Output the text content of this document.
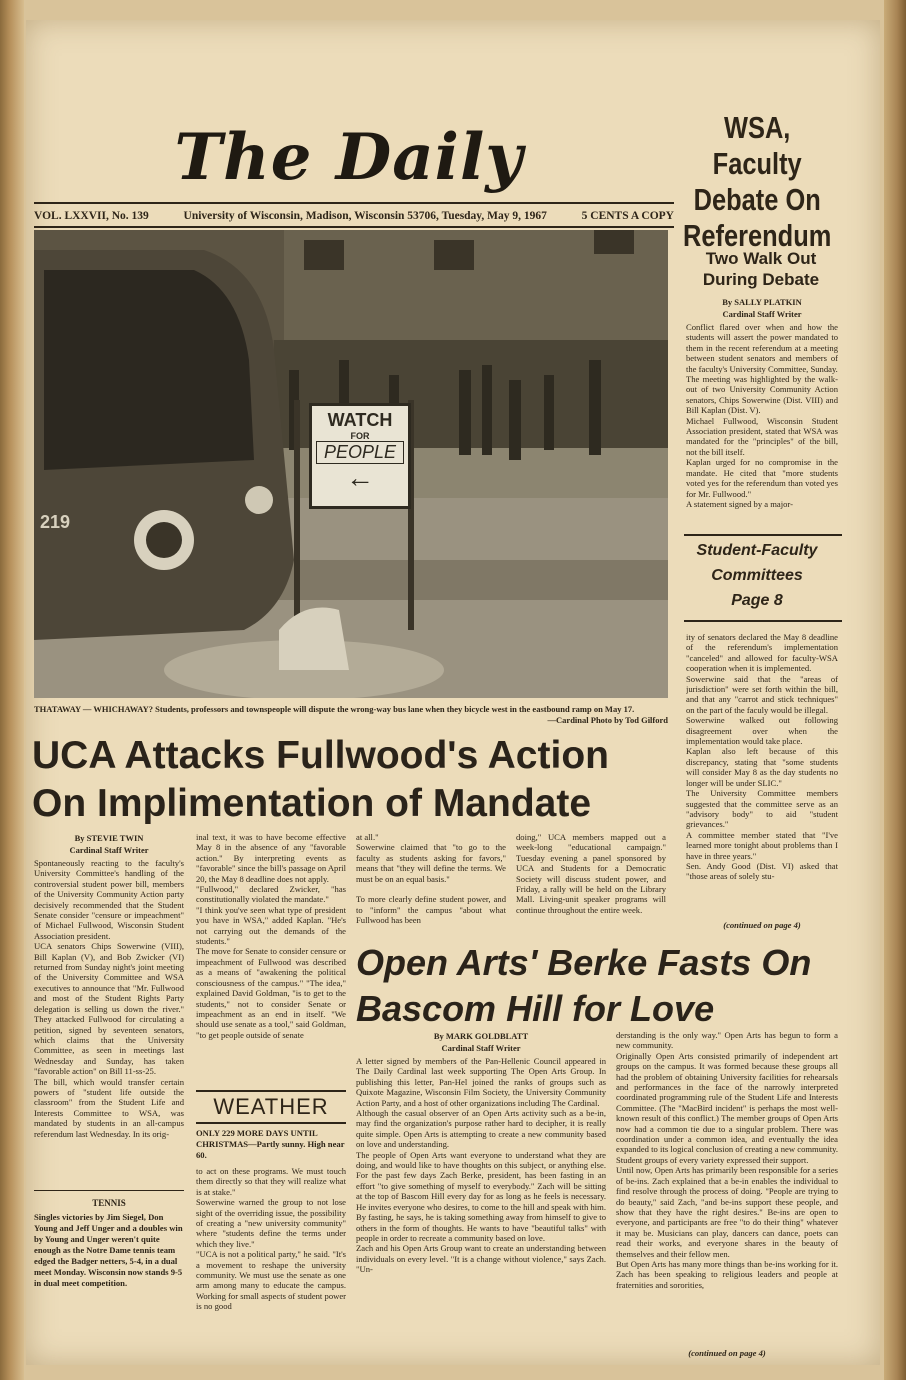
The Daily
VOL. LXXVII, No. 139	University of Wisconsin, Madison, Wisconsin 53706, Tuesday, May 9, 1967	5 CENTS A COPY
WSA, Faculty Debate On Referendum
Two Walk Out During Debate
By SALLY PLATKIN
Cardinal Staff Writer
Conflict flared over when and how the students will assert the power mandated to them in the recent referendum at a meeting between student senators and members of the faculty's University Committee, Sunday.
The meeting was highlighted by the walk-out of two University Community Action senators, Chips Sowerwine (Dist. VIII) and Bill Kaplan (Dist. V).
Michael Fullwood, Wisconsin Student Association president, stated that WSA was mandated for the "principles" of the bill, not the bill itself.
Kaplan urged for no compromise in the mandate. He cited that "more students voted yes for the referendum than voted yes for Mr. Fullwood."
A statement signed by a major-
Student-Faculty
Committees
Page 8
ity of senators declared the May 8 deadline of the referendum's implementation "canceled" and allowed for faculty-WSA cooperation when it is implemented.
Sowerwine said that the "areas of jurisdiction" were set forth within the bill, and that any "carrot and stick techniques" on the part of the faculy would be illegal.
Sowerwine walked out following disagreement over when the implementation would take place.
Kaplan also left because of this discrepancy, stating that "some students will consider May 8 as the day students no longer will be under SLIC."
The University Committee members suggested that the committee serve as an "advisory body" to aid "student grievances."
A committee member stated that "I've learned more tonight about problems than I have in three years."
Sen. Andy Good (Dist. VI) asked that "those areas of solely stu-
(continued on page 4)
WATCH
FOR
PEOPLE
←
219
THATAWAY — WHICHAWAY? Students, professors and townspeople will dispute the wrong-way bus lane when they bicycle west in the eastbound ramp on May 17.
—Cardinal Photo by Tod Gilford
UCA Attacks Fullwood's Action On Implimentation of Mandate
By STEVIE TWIN
Cardinal Staff Writer
Spontaneously reacting to the faculty's University Committee's handling of the controversial student power bill, members of the University Community Action party decisively recommended that the Student Senate consider "censure or impeachment" of Michael Fullwood, Wisconsin Student Association president.
UCA senators Chips Sowerwine (VIII), Bill Kaplan (V), and Bob Zwicker (VI) returned from Sunday night's joint meeting of the University Committee and WSA executives to announce that "Mr. Fullwood and most of the Student Rights Party delegation is selling us down the river." They attacked Fullwood for circulating a petition, signed by seventeen senators, which claims that the University Committee, as seen in meetings last Wednesday and Sunday, has taken "favorable action" on Bill 11-ss-25.
The bill, which would transfer certain powers of "student life outside the classroom" from the Student Life and Interests Committee to WSA, was mandated by students in an all-campus referendum last Wednesday. In its orig-
inal text, it was to have become effective May 8 in the absence of any "favorable action." By interpreting events as "favorable" since the bill's passage on April 20, the May 8 deadline does not apply.
"Fullwood," declared Zwicker, "has constitutionally violated the mandate."
"I think you've seen what type of president you have in WSA," added Kaplan. "He's not carrying out the demands of the students."
The move for Senate to consider censure or impeachment of Fullwood was described as a means of "awakening the political consciousness of the campus." "The idea," explained David Goldman, "is to get to the students," not to consider Senate or impeachment as an end in itself. "We should use senate as a tool," said Goldman, "to get people outside of senate
at all."
Sowerwine claimed that "to go to the faculty as students asking for favors," means that "they will define the terms. We must be on an equal basis."

To more clearly define student power, and to "inform" the campus "about what Fullwood has been
doing," UCA members mapped out a week-long "educational campaign." Tuesday evening a panel sponsored by UCA and Students for a Democratic Society will discuss student power, and Friday, a rally will be held on the Library Mall. Living-unit speaker programs will continue throughout the entire week.
WEATHER
ONLY 229 MORE DAYS UNTIL CHRISTMAS—Partly sunny. High near 60.
to act on these programs. We must touch them directly so that they will realize what is at stake."
Sowerwine warned the group to not lose sight of the overriding issue, the possibility of creating a "new university community" where "students define the terms under which they live."
"UCA is not a political party," he said. "It's a movement to reshape the university community. We must use the senate as one arm among many to educate the campus. Working for small aspects of student power is no good
TENNIS
Singles victories by Jim Siegel, Don Young and Jeff Unger and a doubles win by Young and Unger weren't quite enough as the Notre Dame tennis team edged the Badger netters, 5-4, in a dual meet Monday. Wisconsin now stands 9-5 in dual meet competition.
Open Arts' Berke Fasts On Bascom Hill for Love
By MARK GOLDBLATT
Cardinal Staff Writer
A letter signed by members of the Pan-Hellenic Council appeared in The Daily Cardinal last week supporting The Open Arts Group. In publishing this letter, Pan-Hel joined the ranks of groups such as Quixote Magazine, Wisconsin Film Society, the University Community Action Party, and a host of other organizations including The Cardinal.
Although the casual observer of an Open Arts activity such as a be-in, may find the organization's purpose rather hard to decipher, it is really quite simple. Open Arts is attempting to create a new community based on love and understanding.
The people of Open Arts want everyone to understand what they are doing, and would like to have thoughts on this subject, or anything else. For the past few days Zach Berke, president, has been fasting in an effort "to give something of myself to everybody." Zach will be sitting at the top of Bascom Hill every day for as long as he feels is necessary. He invites everyone who desires, to come to the hill and speak with him. By fasting, he says, he is taking something away from himself to give to others in the form of thoughts. He wants to have "beautiful talks" with people in order to recreate a community based on love.
Zach and his Open Arts Group want to create an understanding between individuals on every level. "It is a change without violence," says Zach. "Un-
derstanding is the only way." Open Arts has begun to form a new community.
Originally Open Arts consisted primarily of independent art groups on the campus. It was formed because these groups all had the problem of obtaining University facilities for rehearsals and performances in the face of the narrowly interpreted coordinated programming rule of the Student Life and Interests Committee. (The "MacBird incident" is perhaps the most well-known result of this conflict.) The member groups of Open Arts now had a common tie due to a singular problem. There was coordination under a common idea, and eventually the idea expanded to its logical conclusion of creating a new community. Student groups of every variety expressed their support.
Until now, Open Arts has primarily been responsible for a series of be-ins. Zach explained that a be-in enables the individual to find resolve through the process of doing. "People are trying to do beauty," said Zach, "and be-ins support these people, and show that they have the right desires." Be-ins are open to everyone, and participants are free "to do their thing" whatever it may be. Musicians can play, dancers can dance, poets can read their works, and everyone shares in the beauty of themselves and their fellow men.
But Open Arts has many more things than be-ins working for it. Zach has been speaking to religious leaders and people at fraternities and sororities,
(continued on page 4)
